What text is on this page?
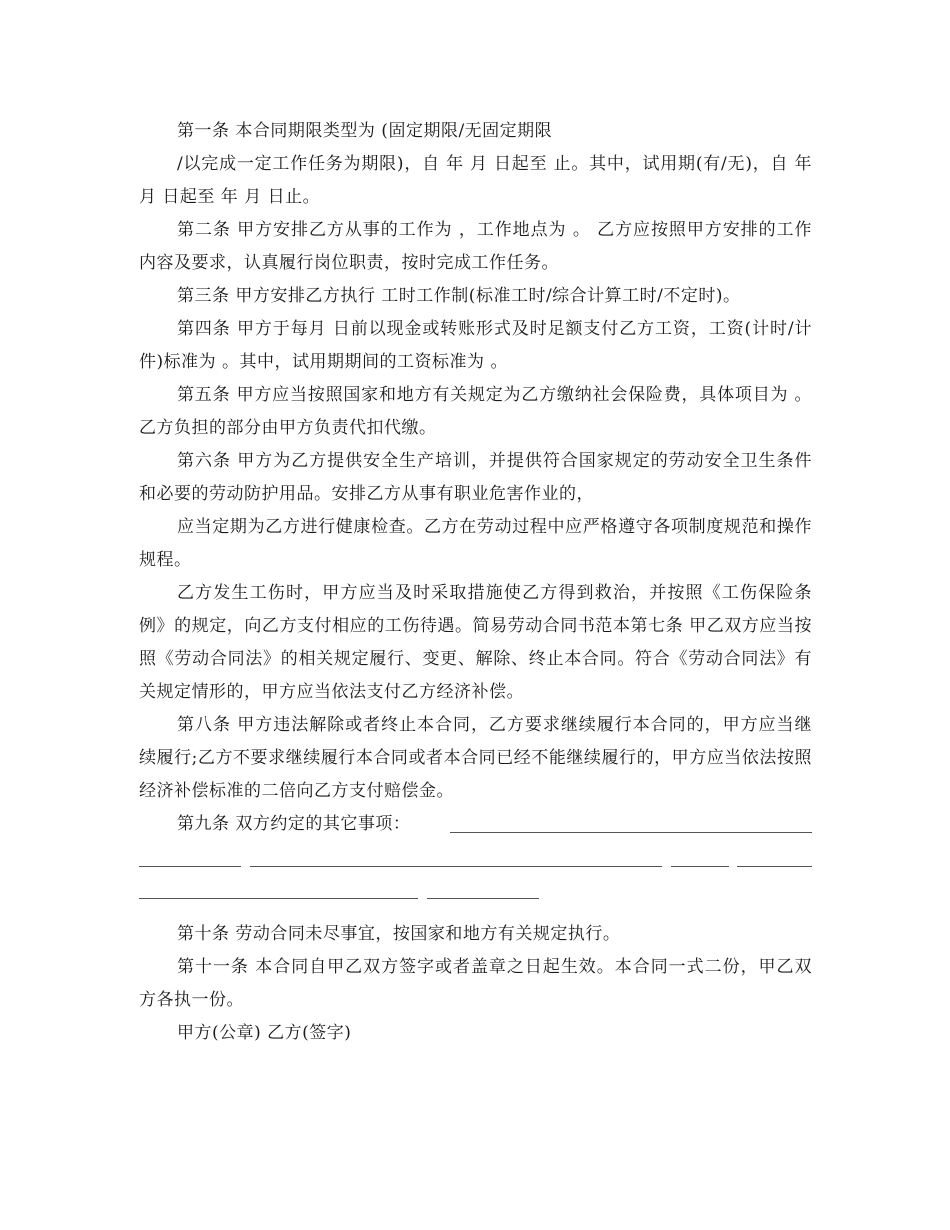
第一条 本合同期限类型为 (固定期限/无固定期限

/以完成一定工作任务为期限)，自 年 月 日起至 止。其中，试用期(有/无)，自 年 月 日起至 年 月 日止。

第二条 甲方安排乙方从事的工作为 ，工作地点为 。 乙方应按照甲方安排的工作内容及要求，认真履行岗位职责，按时完成工作任务。

第三条 甲方安排乙方执行 工时工作制(标准工时/综合计算工时/不定时)。

第四条 甲方于每月 日前以现金或转账形式及时足额支付乙方工资，工资(计时/计件)标准为 。其中，试用期期间的工资标准为 。

第五条 甲方应当按照国家和地方有关规定为乙方缴纳社会保险费，具体项目为 。乙方负担的部分由甲方负责代扣代缴。

第六条 甲方为乙方提供安全生产培训，并提供符合国家规定的劳动安全卫生条件和必要的劳动防护用品。安排乙方从事有职业危害作业的，

应当定期为乙方进行健康检查。乙方在劳动过程中应严格遵守各项制度规范和操作规程。

乙方发生工伤时，甲方应当及时采取措施使乙方得到救治，并按照《工伤保险条例》的规定，向乙方支付相应的工伤待遇。简易劳动合同书范本第七条 甲乙双方应当按照《劳动合同法》的相关规定履行、变更、解除、终止本合同。符合《劳动合同法》有关规定情形的，甲方应当依法支付乙方经济补偿。

第八条 甲方违法解除或者终止本合同，乙方要求继续履行本合同的，甲方应当继续履行;乙方不要求继续履行本合同或者本合同已经不能继续履行的，甲方应当依法按照经济补偿标准的二倍向乙方支付赔偿金。

第九条 双方约定的其它事项：

第十条 劳动合同未尽事宜，按国家和地方有关规定执行。

第十一条 本合同自甲乙双方签字或者盖章之日起生效。本合同一式二份，甲乙双方各执一份。

甲方(公章) 乙方(签字)
